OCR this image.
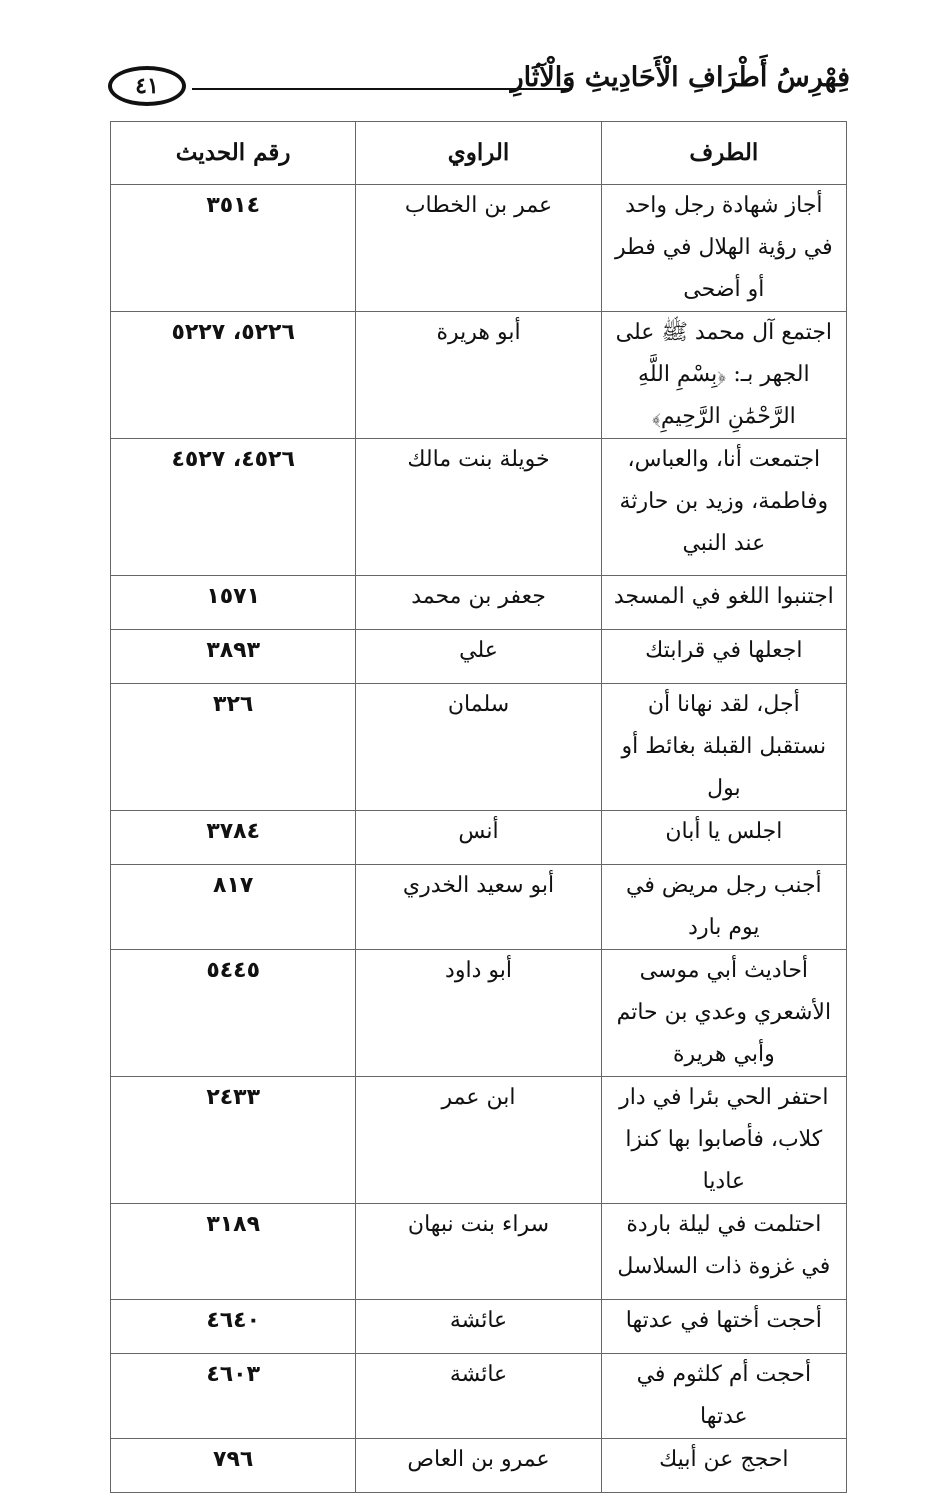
٤١	فِهْرِسُ أَطْرَافِ الْأَحَادِيثِ وَالْآثَارِ
الطرف	الراوي	رقم الحديث
أجاز شهادة رجل واحد في رؤية الهلال في فطر أو أضحى	عمر بن الخطاب	٣٥١٤
اجتمع آل محمد ﷺ على الجهر بـ: ﴿بِسْمِ اللَّهِ الرَّحْمَٰنِ الرَّحِيمِ﴾	أبو هريرة	٥٢٢٦، ٥٢٢٧
اجتمعت أنا، والعباس، وفاطمة، وزيد بن حارثة عند النبي	خويلة بنت مالك	٤٥٢٦، ٤٥٢٧
اجتنبوا اللغو في المسجد	جعفر بن محمد	١٥٧١
اجعلها في قرابتك	علي	٣٨٩٣
أجل، لقد نهانا أن نستقبل القبلة بغائط أو بول	سلمان	٣٢٦
اجلس يا أبان	أنس	٣٧٨٤
أجنب رجل مريض في يوم بارد	أبو سعيد الخدري	٨١٧
أحاديث أبي موسى الأشعري وعدي بن حاتم وأبي هريرة	أبو داود	٥٤٤٥
احتفر الحي بئرا في دار كلاب، فأصابوا بها كنزا عاديا	ابن عمر	٢٤٣٣
احتلمت في ليلة باردة في غزوة ذات السلاسل	سراء بنت نبهان	٣١٨٩
أحجت أختها في عدتها	عائشة	٤٦٤٠
أحجت أم كلثوم في عدتها	عائشة	٤٦٠٣
احجج عن أبيك	عمرو بن العاص	٧٩٦
